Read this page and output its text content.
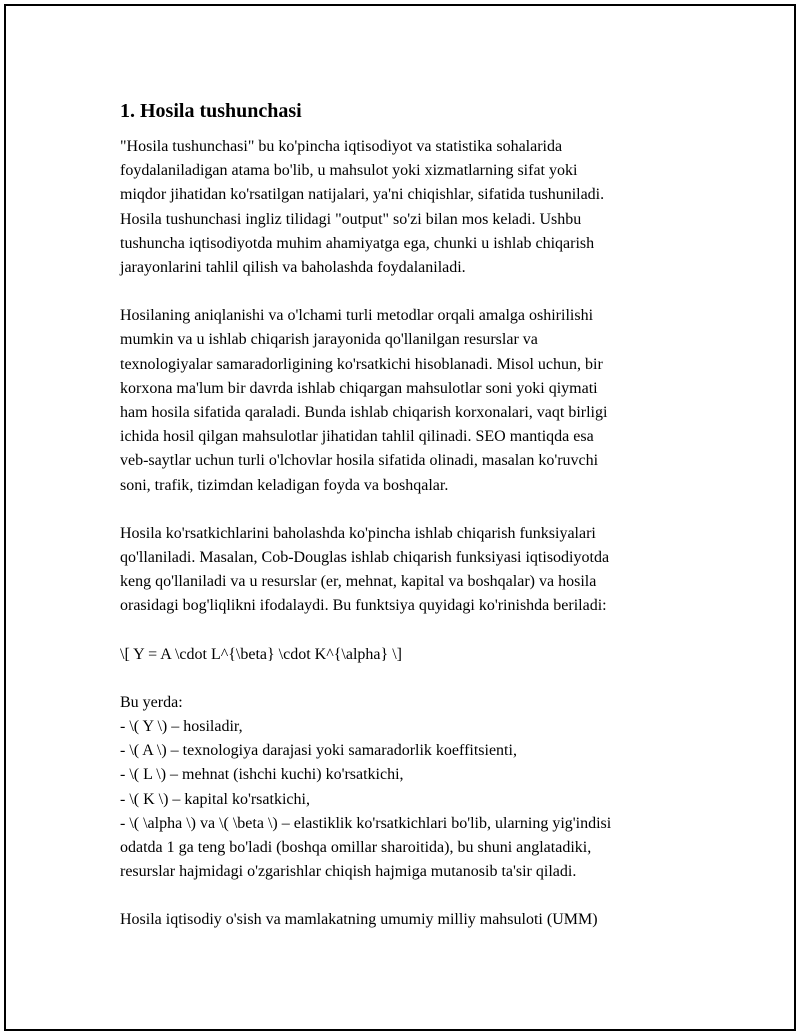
1. Hosila tushunchasi
"Hosila tushunchasi" bu ko'pincha iqtisodiyot va statistika sohalarida
foydalaniladigan atama bo'lib, u mahsulot yoki xizmatlarning sifat yoki
miqdor jihatidan ko'rsatilgan natijalari, ya'ni chiqishlar, sifatida tushuniladi.
Hosila tushunchasi ingliz tilidagi "output" so'zi bilan mos keladi. Ushbu
tushuncha iqtisodiyotda muhim ahamiyatga ega, chunki u ishlab chiqarish
jarayonlarini tahlil qilish va baholashda foydalaniladi.
Hosilaning aniqlanishi va o'lchami turli metodlar orqali amalga oshirilishi
mumkin va u ishlab chiqarish jarayonida qo'llanilgan resurslar va
texnologiyalar samaradorligining ko'rsatkichi hisoblanadi. Misol uchun, bir
korxona ma'lum bir davrda ishlab chiqargan mahsulotlar soni yoki qiymati
ham hosila sifatida qaraladi. Bunda ishlab chiqarish korxonalari, vaqt birligi
ichida hosil qilgan mahsulotlar jihatidan tahlil qilinadi. SEO mantiqda esa
veb-saytlar uchun turli o'lchovlar hosila sifatida olinadi, masalan ko'ruvchi
soni, trafik, tizimdan keladigan foyda va boshqalar.
Hosila ko'rsatkichlarini baholashda ko'pincha ishlab chiqarish funksiyalari
qo'llaniladi. Masalan, Cob-Douglas ishlab chiqarish funksiyasi iqtisodiyotda
keng qo'llaniladi va u resurslar (er, mehnat, kapital va boshqalar) va hosila
orasidagi bog'liqlikni ifodalaydi. Bu funktsiya quyidagi ko'rinishda beriladi:
\[ Y = A \cdot L^{\beta} \cdot K^{\alpha} \]
Bu yerda:
- \( Y \) – hosiladir,
- \( A \) – texnologiya darajasi yoki samaradorlik koeffitsienti,
- \( L \) – mehnat (ishchi kuchi) ko'rsatkichi,
- \( K \) – kapital ko'rsatkichi,
- \( \alpha \) va \( \beta \) – elastiklik ko'rsatkichlari bo'lib, ularning yig'indisi
odatda 1 ga teng bo'ladi (boshqa omillar sharoitida), bu shuni anglatadiki,
resurslar hajmidagi o'zgarishlar chiqish hajmiga mutanosib ta'sir qiladi.
Hosila iqtisodiy o'sish va mamlakatning umumiy milliy mahsuloti (UMM)
